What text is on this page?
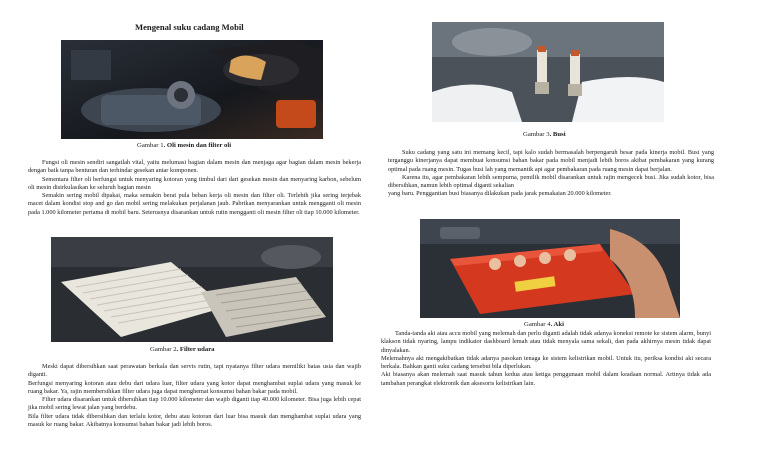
Mengenal suku cadang Mobil
Gambar 1. Oli mesin dan filter oli

Fungsi oli mesin sendiri sangatlah vital, yaitu melumasi bagian dalam mesin dan menjaga agar bagian dalam mesin bekerja dengan baik tanpa benturan dan terhindar gesekan antar komponen.

Sementara filter oli berfungsi untuk menyaring kotoran yang timbul dari dari gesekan mesin dan menyaring karbon, sebelum oli mesin disirkulasikan ke seluruh bagian mesin

Semakin sering mobil dipakai, maka semakin berat pula beban kerja oli mesin dan filter oli. Terlebih jika sering terjebak macet dalam kondisi stop and go dan mobil sering melakukan perjalanan jauh. Pabrikan menyarankan untuk mengganti oli mesin pada 1.000 kilometer pertama di mobil baru. Seterusnya disarankan untuk rutin mengganti oli mesin filter oli tiap 10.000 kilometer.

Gambar 2. Filter udara

Meski dapat dibersihkan saat perawatan berkala dan servis rutin, tapi nyatanya filter udara memiliki batas usia dan wajib diganti.

Berfungsi menyaring kotoran atau debu dari udara luar, filter udara yang kotor dapat menghambat suplai udara yang masuk ke ruang bakar. Ya, rajin membersihkan filter udara juga dapat menghemat konsumsi bahan bakar pada mobil.

Filter udara disarankan untuk dibersihkan tiap 10.000 kilometer dan wajib diganti tiap 40.000 kilometer. Bisa juga lebih cepat jika mobil sering lewat jalan yang berdebu.

Bila filter udara tidak dibersihkan dan terlalu kotor, debu atau kotoran dari luar bisa masuk dan menghambat suplai udara yang masuk ke ruang bakar. Akibatnya konsumsi bahan bakar jadi lebih boros.

Gambar 3. Busi

Suku cadang yang satu ini memang kecil, tapi kalo sudah bermasalah berpengaruh besar pada kinerja mobil. Busi yang terganggu kinerjanya dapat membuat konsumsi bahan bakar pada mobil menjadi lebih boros akibat pembakaran yang kurang optimal pada ruang mesin. Tugas busi lah yang memantik api agar pembakaran pada ruang mesin dapat berjalan.

Karena itu, agar pembakaran lebih sempurna, pemilik mobil disarankan untuk rajin mengecek busi. Jika sudah kotor, bisa dibersihkan, namun lebih optimal diganti sekalian

yang baru. Penggantian busi biasanya dilakukan pada jarak pemakaian 20.000 kilometer.

Gambar 4. Aki

Tanda-tanda aki atau accu mobil yang melemah dan perlu diganti adalah tidak adanya koneksi remote ke sistem alarm, bunyi klakson tidak nyaring, lampu indikator dashboard lemah atau tidak menyala sama sekali, dan pada akhirnya mesin tidak dapat dinyalakan.

Melemahnya aki mengakibatkan tidak adanya pasokan tenaga ke sistem kelistrikan mobil. Untuk itu, periksa kondisi aki secara berkala. Bahkan ganti suku cadang tersebut bila diperlukan.

Aki biasanya akan melemah saat masuk tahun kedua atau ketiga penggunaan mobil dalam keadaan normal. Artinya tidak ada tambahan perangkat elektronik dan aksesoris kelistrikan lain.
